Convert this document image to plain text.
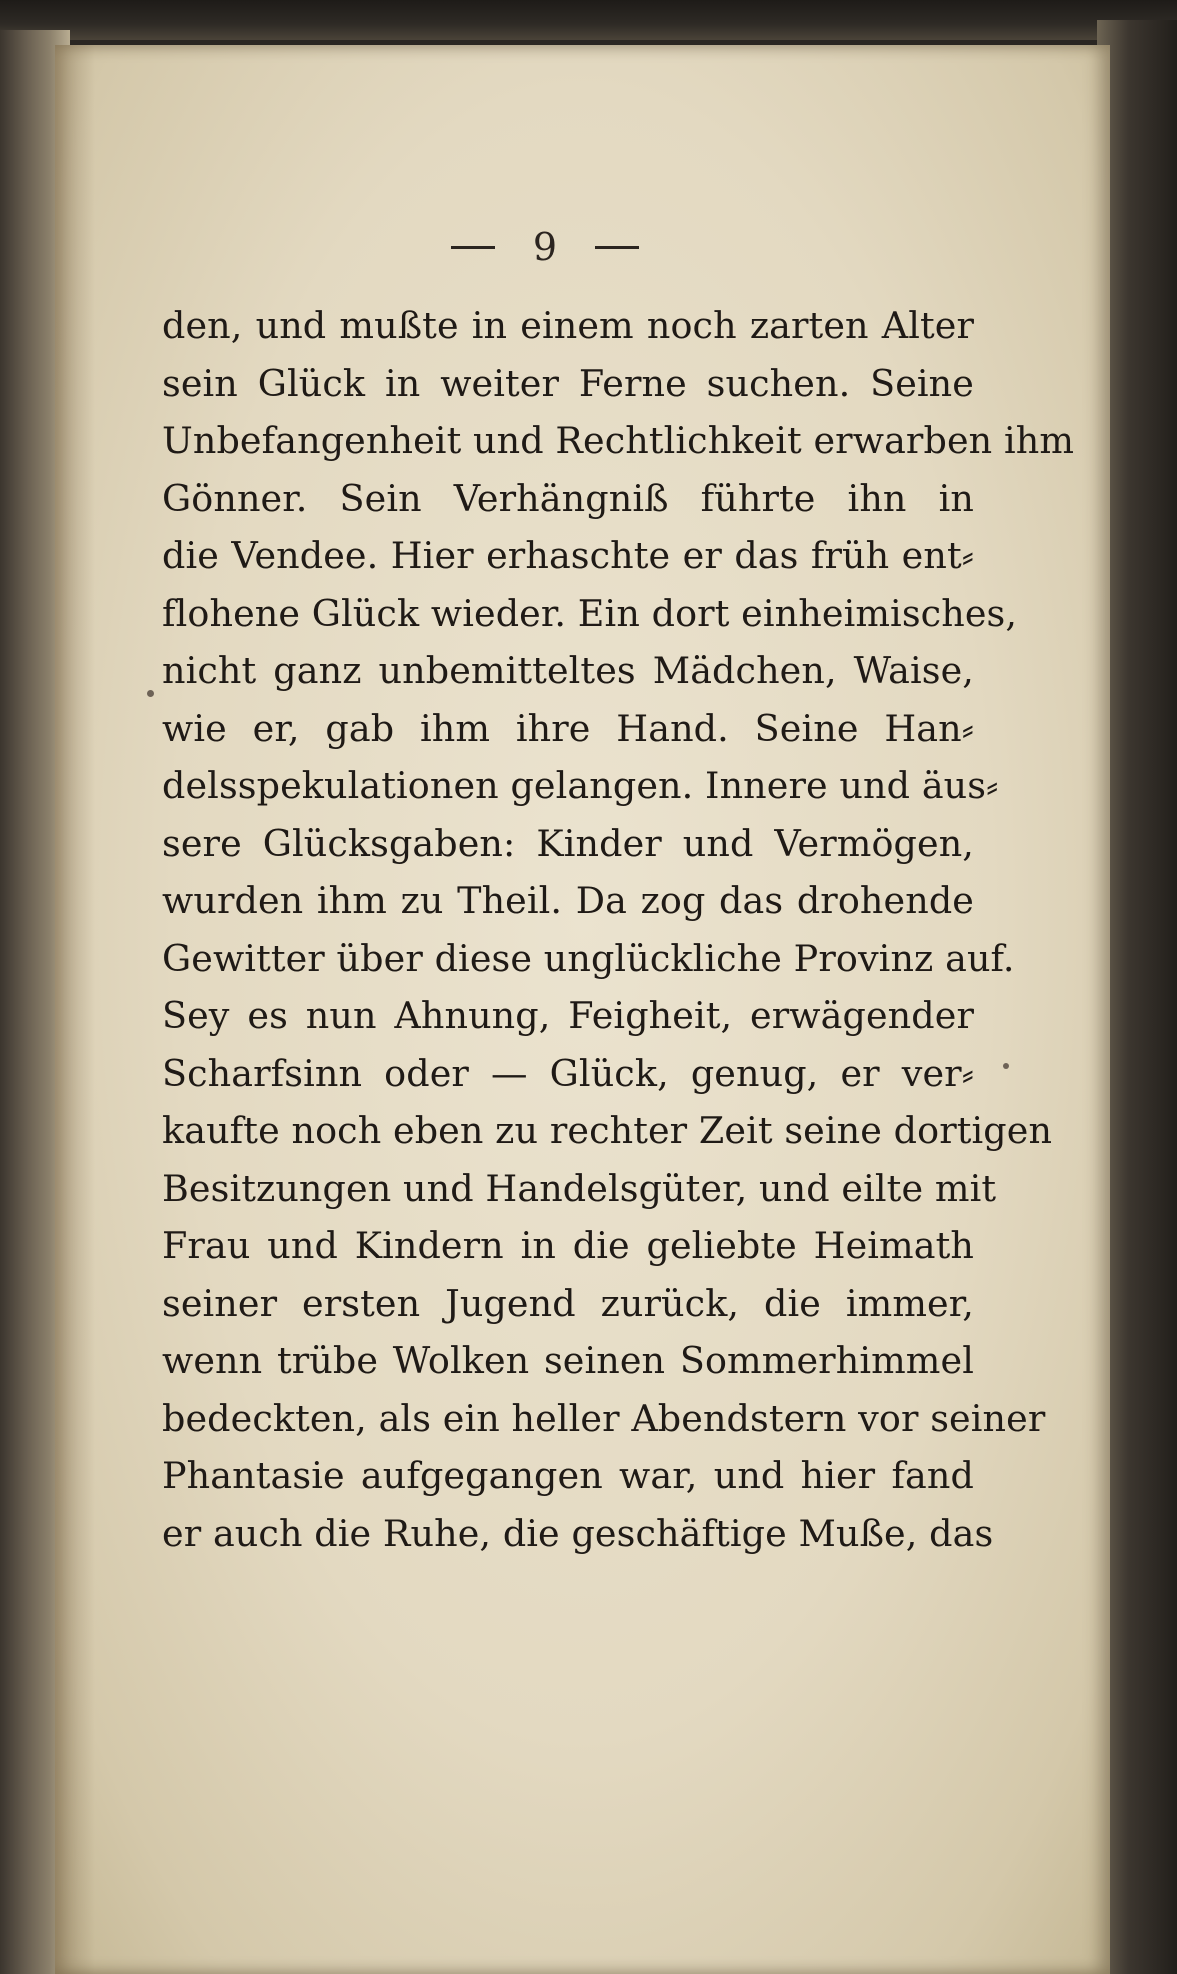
9
den, und mußte in einem noch zarten Alter
sein Glück in weiter Ferne suchen. Seine
Unbefangenheit und Rechtlichkeit erwarben ihm
Gönner. Sein Verhängniß führte ihn in
die Vendee. Hier erhaschte er das früh ent⸗
flohene Glück wieder. Ein dort einheimisches,
nicht ganz unbemitteltes Mädchen, Waise,
wie er, gab ihm ihre Hand. Seine Han⸗
delsspekulationen gelangen. Innere und äus⸗
sere Glücksgaben: Kinder und Vermögen,
wurden ihm zu Theil. Da zog das drohende
Gewitter über diese unglückliche Provinz auf.
Sey es nun Ahnung, Feigheit, erwägender
Scharfsinn oder — Glück, genug, er ver⸗
kaufte noch eben zu rechter Zeit seine dortigen
Besitzungen und Handelsgüter, und eilte mit
Frau und Kindern in die geliebte Heimath
seiner ersten Jugend zurück, die immer,
wenn trübe Wolken seinen Sommerhimmel
bedeckten, als ein heller Abendstern vor seiner
Phantasie aufgegangen war, und hier fand
er auch die Ruhe, die geschäftige Muße, das
